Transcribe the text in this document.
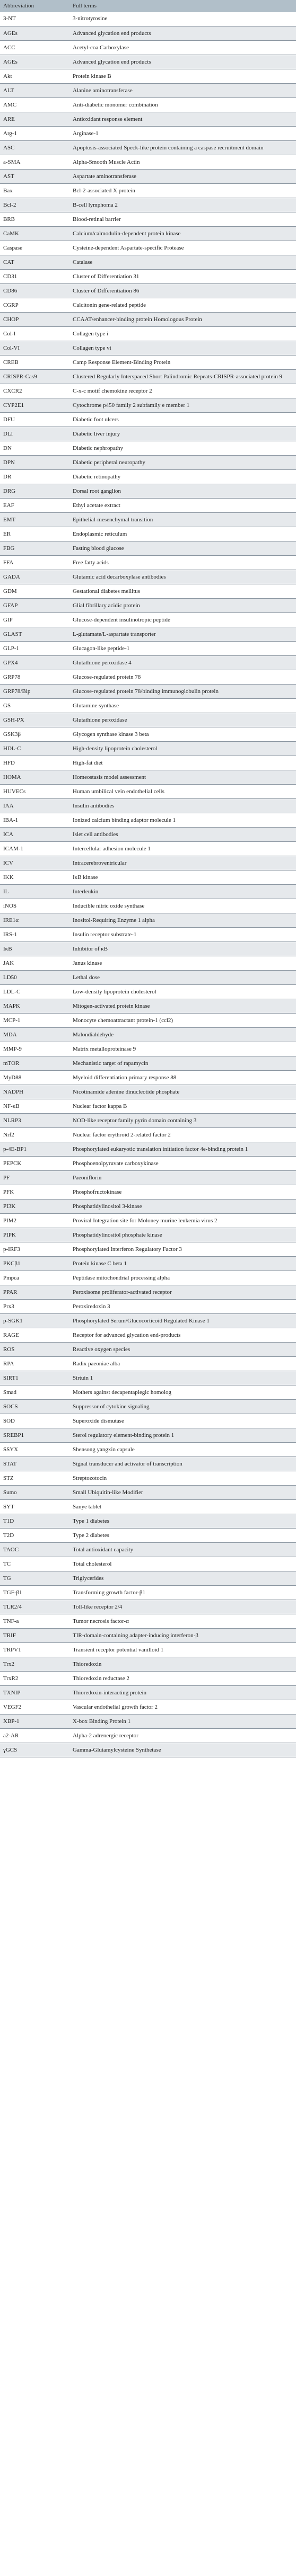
Abbreviation	Full terms
3-NT	3-nitrotyrosine
AGEs	Advanced glycation end products
ACC	Acetyl-coa Carboxylase
AGEs	Advanced glycation end products
Akt	Protein kinase B
ALT	Alanine aminotransferase
AMC	Anti-diabetic monomer combination
ARE	Antioxidant response element
Arg-1	Arginase-1
ASC	Apoptosis-associated Speck-like protein containing a caspase recruitment domain
a-SMA	Alpha-Smooth Muscle Actin
AST	Aspartate aminotransferase
Bax	Bcl-2-associated X protein
Bcl-2	B-cell lymphoma 2
BRB	Blood-retinal barrier
CaMK	Calcium/calmodulin-dependent protein kinase
Caspase	Cysteine-dependent Aspartate-specific Protease
CAT	Catalase
CD31	Cluster of Differentiation 31
CD86	Cluster of Differentiation 86
CGRP	Calcitonin gene-related peptide
CHOP	CCAAT/enhancer-binding protein Homologous Protein
Col-I	Collagen type i
Col-VI	Collagen type vi
CREB	Camp Response Element-Binding Protein
CRISPR-Cas9	Clustered Regularly Interspaced Short Palindromic Repeats-CRISPR-associated protein 9
CXCR2	C-x-c motif chemokine receptor 2
CYP2E1	Cytochrome p450 family 2 subfamily e member 1
DFU	Diabetic foot ulcers
DLI	Diabetic liver injury
DN	Diabetic nephropathy
DPN	Diabetic peripheral neuropathy
DR	Diabetic retinopathy
DRG	Dorsal root ganglion
EAF	Ethyl acetate extract
EMT	Epithelial-mesenchymal transition
ER	Endoplasmic reticulum
FBG	Fasting blood glucose
FFA	Free fatty acids
GADA	Glutamic acid decarboxylase antibodies
GDM	Gestational diabetes mellitus
GFAP	Glial fibrillary acidic protein
GIP	Glucose-dependent insulinotropic peptide
GLAST	L-glutamate/L-aspartate transporter
GLP-1	Glucagon-like peptide-1
GPX4	Glutathione peroxidase 4
GRP78	Glucose-regulated protein 78
GRP78/Bip	Glucose-regulated protein 78/binding immunoglobulin protein
GS	Glutamine synthase
GSH-PX	Glutathione peroxidase
GSK3β	Glycogen synthase kinase 3 beta
HDL-C	High-density lipoprotein cholesterol
HFD	High-fat diet
HOMA	Homeostasis model assessment
HUVECs	Human umbilical vein endothelial cells
IAA	Insulin antibodies
IBA-1	Ionized calcium binding adaptor molecule 1
ICA	Islet cell antibodies
ICAM-1	Intercellular adhesion molecule 1
ICV	Intracerebroventricular
IKK	IκB kinase
IL	Interleukin
iNOS	Inducible nitric oxide synthase
IRE1α	Inositol-Requiring Enzyme 1 alpha
IRS-1	Insulin receptor substrate-1
IκB	Inhibitor of κB
JAK	Janus kinase
LD50	Lethal dose
LDL-C	Low-density lipoprotein cholesterol
MAPK	Mitogen-activated protein kinase
MCP-1	Monocyte chemoattractant protein-1 (ccl2)
MDA	Malondialdehyde
MMP-9	Matrix metalloproteinase 9
mTOR	Mechanistic target of rapamycin
MyD88	Myeloid differentiation primary response 88
NADPH	Nicotinamide adenine dinucleotide phosphate
NF-κB	Nuclear factor kappa B
NLRP3	NOD-like receptor family pyrin domain containing 3
Nrf2	Nuclear factor erythroid 2-related factor 2
p-4E-BP1	Phosphorylated eukaryotic translation initiation factor 4e-binding protein 1
PEPCK	Phosphoenolpyruvate carboxykinase
PF	Paeoniflorin
PFK	Phosphofructokinase
PI3K	Phosphatidylinositol 3-kinase
PIM2	Proviral Integration site for Moloney murine leukemia virus 2
PIPK	Phosphatidylinositol phosphate kinase
p-IRF3	Phosphorylated Interferon Regulatory Factor 3
PKCβ1	Protein kinase C beta 1
Pmpca	Peptidase mitochondrial processing alpha
PPAR	Peroxisome proliferator-activated receptor
Prx3	Peroxiredoxin 3
p-SGK1	Phosphorylated Serum/Glucocorticoid Regulated Kinase 1
RAGE	Receptor for advanced glycation end-products
ROS	Reactive oxygen species
RPA	Radix paeoniae alba
SIRT1	Sirtuin 1
Smad	Mothers against decapentaplegic homolog
SOCS	Suppressor of cytokine signaling
SOD	Superoxide dismutase
SREBP1	Sterol regulatory element-binding protein 1
SSYX	Shensong yangxin capsule
STAT	Signal transducer and activator of transcription
STZ	Streptozotocin
Sumo	Small Ubiquitin-like Modifier
SYT	Sanye tablet
T1D	Type 1 diabetes
T2D	Type 2 diabetes
TAOC	Total antioxidant capacity
TC	Total cholesterol
TG	Triglycerides
TGF-β1	Transforming growth factor-β1
TLR2/4	Toll-like receptor 2/4
TNF-a	Tumor necrosis factor-α
TRIF	TIR-domain-containing adapter-inducing interferon-β
TRPV1	Transient receptor potential vanilloid 1
Trx2	Thioredoxin
TrxR2	Thioredoxin reductase 2
TXNIP	Thioredoxin-interacting protein
VEGF2	Vascular endothelial growth factor 2
XBP-1	X-box Binding Protein 1
a2-AR	Alpha-2 adrenergic receptor
γGCS	Gamma-Glutamylcysteine Synthetase
